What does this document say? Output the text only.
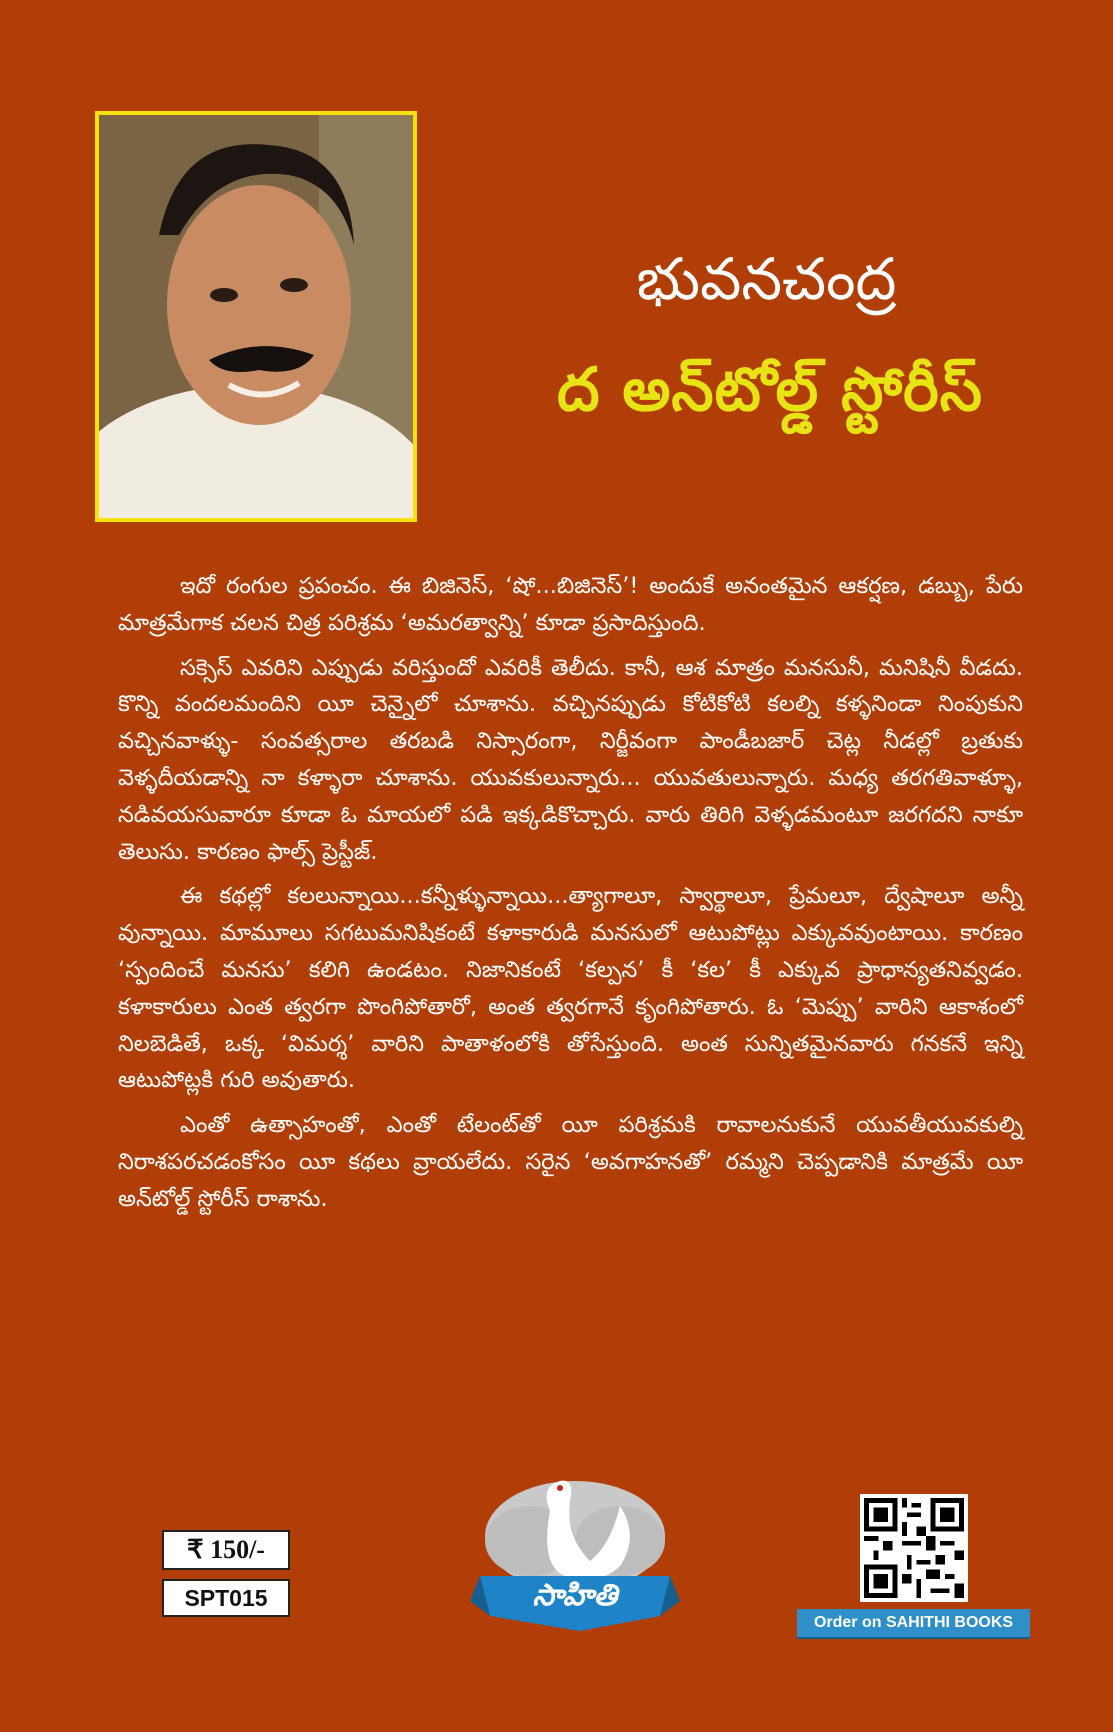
భువనచంద్ర
ద అన్‌టోల్డ్ స్టోరీస్

ఇదో రంగుల ప్రపంచం. ఈ బిజినెస్, ‘షో...బిజినెస్’! అందుకే అనంతమైన ఆకర్షణ, డబ్బు, పేరు మాత్రమేగాక చలన చిత్ర పరిశ్రమ ‘అమరత్వాన్ని’ కూడా ప్రసాదిస్తుంది.

సక్సెస్ ఎవరిని ఎప్పుడు వరిస్తుందో ఎవరికీ తెలీదు. కానీ, ఆశ మాత్రం మనసునీ, మనిషినీ వీడదు. కొన్ని వందలమందిని యీ చెన్నైలో చూశాను. వచ్చినప్పుడు కోటికోటి కలల్ని కళ్ళనిండా నింపుకుని వచ్చినవాళ్ళు- సంవత్సరాల తరబడి నిస్సారంగా, నిర్జీవంగా పాండీబజార్ చెట్ల నీడల్లో బ్రతుకు వెళ్ళదీయడాన్ని నా కళ్ళారా చూశాను. యువకులున్నారు... యువతులున్నారు. మధ్య తరగతివాళ్ళూ, నడివయసువారూ కూడా ఓ మాయలో పడి ఇక్కడికొచ్చారు. వారు తిరిగి వెళ్ళడమంటూ జరగదని నాకూ తెలుసు. కారణం ఫాల్స్ ప్రెస్టీజ్.

ఈ కథల్లో కలలున్నాయి...కన్నీళ్ళున్నాయి...త్యాగాలూ, స్వార్థాలూ, ప్రేమలూ, ద్వేషాలూ అన్నీ వున్నాయి. మామూలు సగటుమనిషికంటే కళాకారుడి మనసులో ఆటుపోట్లు ఎక్కువవుంటాయి. కారణం ‘స్పందించే మనసు’ కలిగి ఉండటం. నిజానికంటే ‘కల్పన’ కీ ‘కల’ కీ ఎక్కువ ప్రాధాన్యతనివ్వడం. కళాకారులు ఎంత త్వరగా పొంగిపోతారో, అంత త్వరగానే కృంగిపోతారు. ఓ ‘మెప్పు’ వారిని ఆకాశంలో నిలబెడితే, ఒక్క ‘విమర్శ’ వారిని పాతాళంలోకి తోసేస్తుంది. అంత సున్నితమైనవారు గనకనే ఇన్ని ఆటుపోట్లకి గురి అవుతారు.

ఎంతో ఉత్సాహంతో, ఎంతో టేలంట్‌తో యీ పరిశ్రమకి రావాలనుకునే యువతీయువకుల్ని నిరాశపరచడంకోసం యీ కథలు వ్రాయలేదు. సరైన ‘అవగాహనతో’ రమ్మని చెప్పడానికి మాత్రమే యీ అన్‌టోల్డ్ స్టోరీస్ రాశాను.

₹ 150/-
SPT015	సాహితి
Order on SAHITHI BOOKS
